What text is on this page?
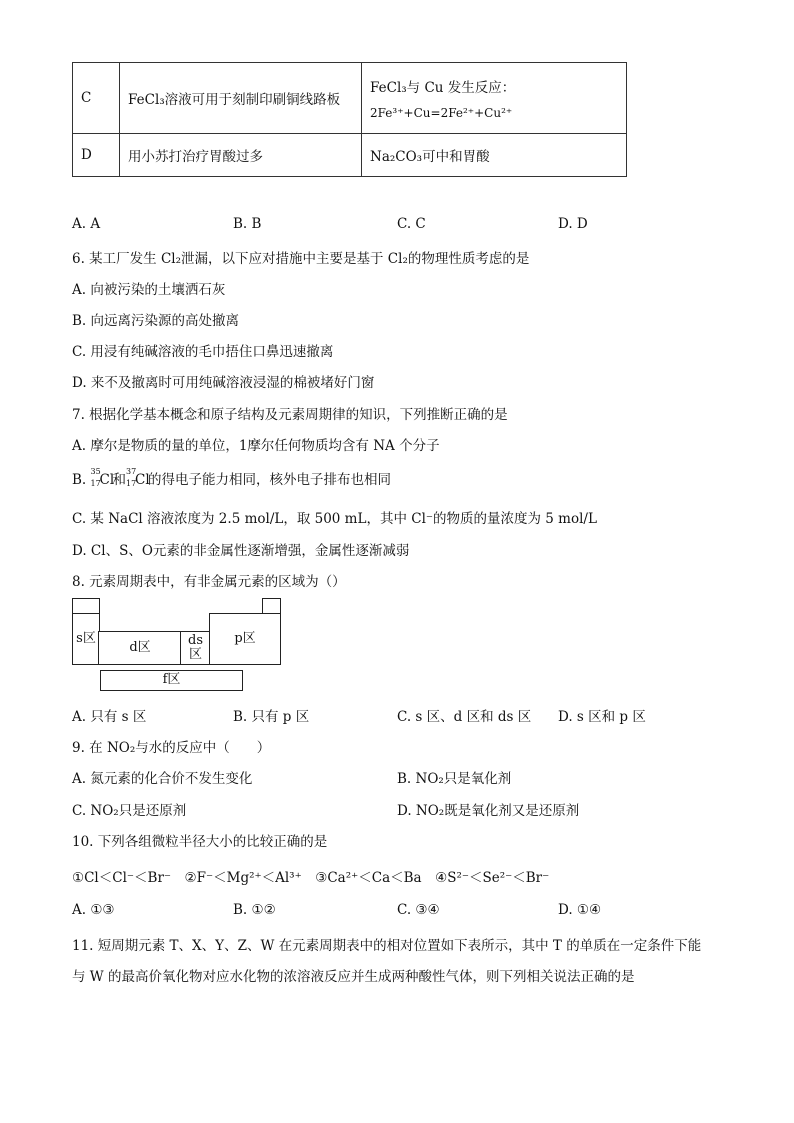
C	FeCl₃溶液可用于刻制印刷铜线路板	FeCl₃与 Cu 发生反应：
2Fe³⁺+Cu=2Fe²⁺+Cu²⁺

D	用小苏打治疗胃酸过多	Na₂CO₃可中和胃酸
A. A	B. B	C. C	D. D
6. 某工厂发生 Cl₂泄漏，以下应对措施中主要是基于 Cl₂的物理性质考虑的是
A. 向被污染的土壤洒石灰
B. 向远离污染源的高处撤离
C. 用浸有纯碱溶液的毛巾捂住口鼻迅速撤离
D. 来不及撤离时可用纯碱溶液浸湿的棉被堵好门窗
7. 根据化学基本概念和原子结构及元素周期律的知识，下列推断正确的是
A. 摩尔是物质的量的单位，1摩尔任何物质均含有 NA 个分子
B.
35
17
Cl
和
37
17
Cl
的得电子能力相同，核外电子排布也相同
C. 某 NaCl 溶液浓度为 2.5 mol/L，取 500 mL，其中 Cl⁻的物质的量浓度为 5 mol/L
D. Cl、S、O元素的非金属性逐渐增强，金属性逐渐减弱
8. 元素周期表中，有非金属元素的区域为（）
s区
d区	ds
区
p区
f区
A. 只有 s 区	B. 只有 p 区	C. s 区、d 区和 ds 区 D. s 区和 p 区
9. 在 NO₂与水的反应中（　　）
A. 氮元素的化合价不发生变化	B. NO₂只是氧化剂
C. NO₂只是还原剂	D. NO₂既是氧化剂又是还原剂
10. 下列各组微粒半径大小的比较正确的是
①Cl＜Cl⁻＜Br⁻　②F⁻＜Mg²⁺＜Al³⁺　③Ca²⁺＜Ca＜Ba　④S²⁻＜Se²⁻＜Br⁻
A. ①③	B. ①②	C. ③④	D. ①④
11. 短周期元素 T、X、Y、Z、W 在元素周期表中的相对位置如下表所示，其中 T 的单质在一定条件下能
与 W 的最高价氧化物对应水化物的浓溶液反应并生成两种酸性气体，则下列相关说法正确的是
